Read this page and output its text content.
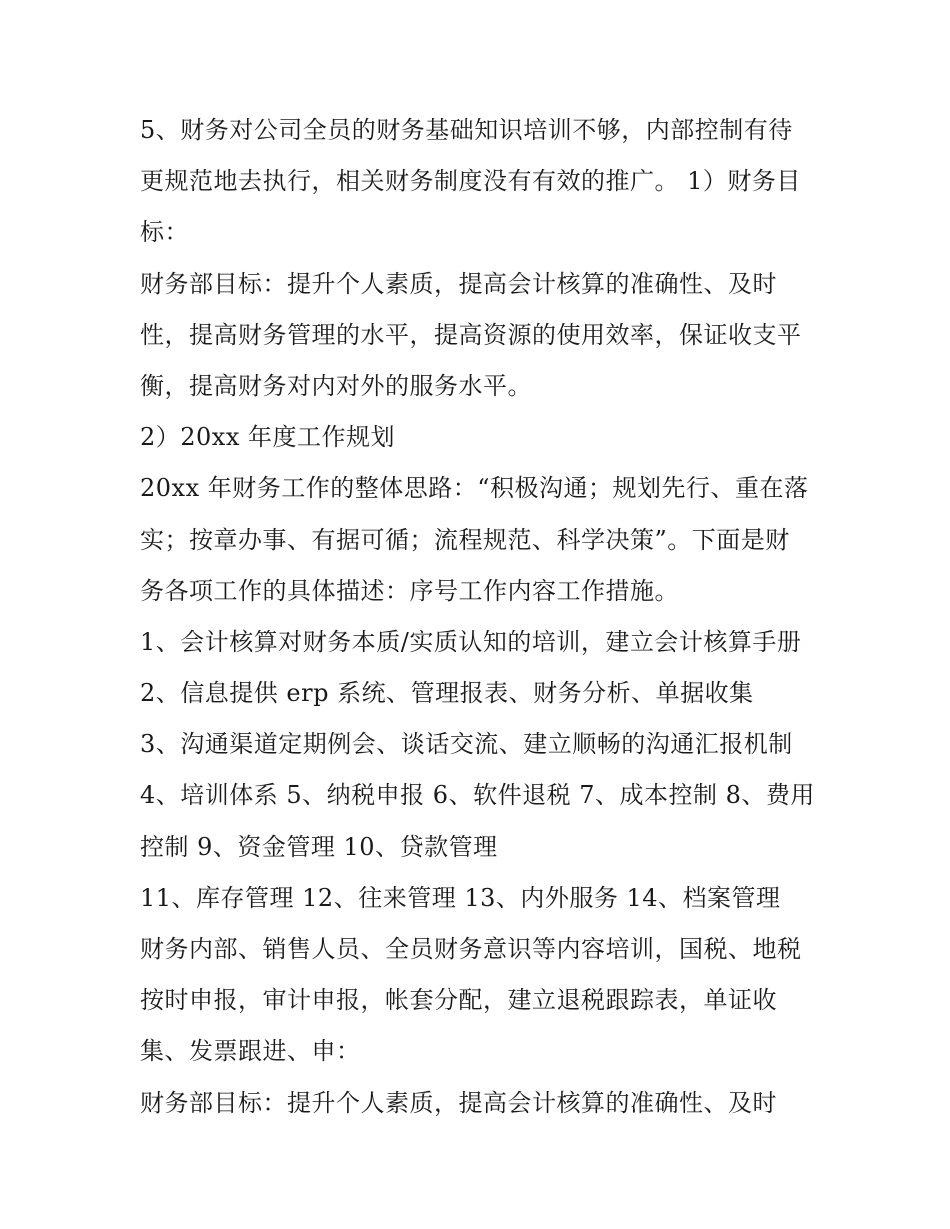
5、财务对公司全员的财务基础知识培训不够，内部控制有待
更规范地去执行，相关财务制度没有有效的推广。 1）财务目
标：
财务部目标：提升个人素质，提高会计核算的准确性、及时
性，提高财务管理的水平，提高资源的使用效率，保证收支平
衡，提高财务对内对外的服务水平。
2）20xx 年度工作规划
20xx 年财务工作的整体思路：“积极沟通；规划先行、重在落
实；按章办事、有据可循；流程规范、科学决策”。下面是财
务各项工作的具体描述：序号工作内容工作措施。
1、会计核算对财务本质/实质认知的培训，建立会计核算手册
2、信息提供 erp 系统、管理报表、财务分析、单据收集
3、沟通渠道定期例会、谈话交流、建立顺畅的沟通汇报机制
4、培训体系 5、纳税申报 6、软件退税 7、成本控制 8、费用
控制 9、资金管理 10、贷款管理
11、库存管理 12、往来管理 13、内外服务 14、档案管理
财务内部、销售人员、全员财务意识等内容培训，国税、地税
按时申报，审计申报，帐套分配，建立退税跟踪表，单证收
集、发票跟进、申：
财务部目标：提升个人素质，提高会计核算的准确性、及时
